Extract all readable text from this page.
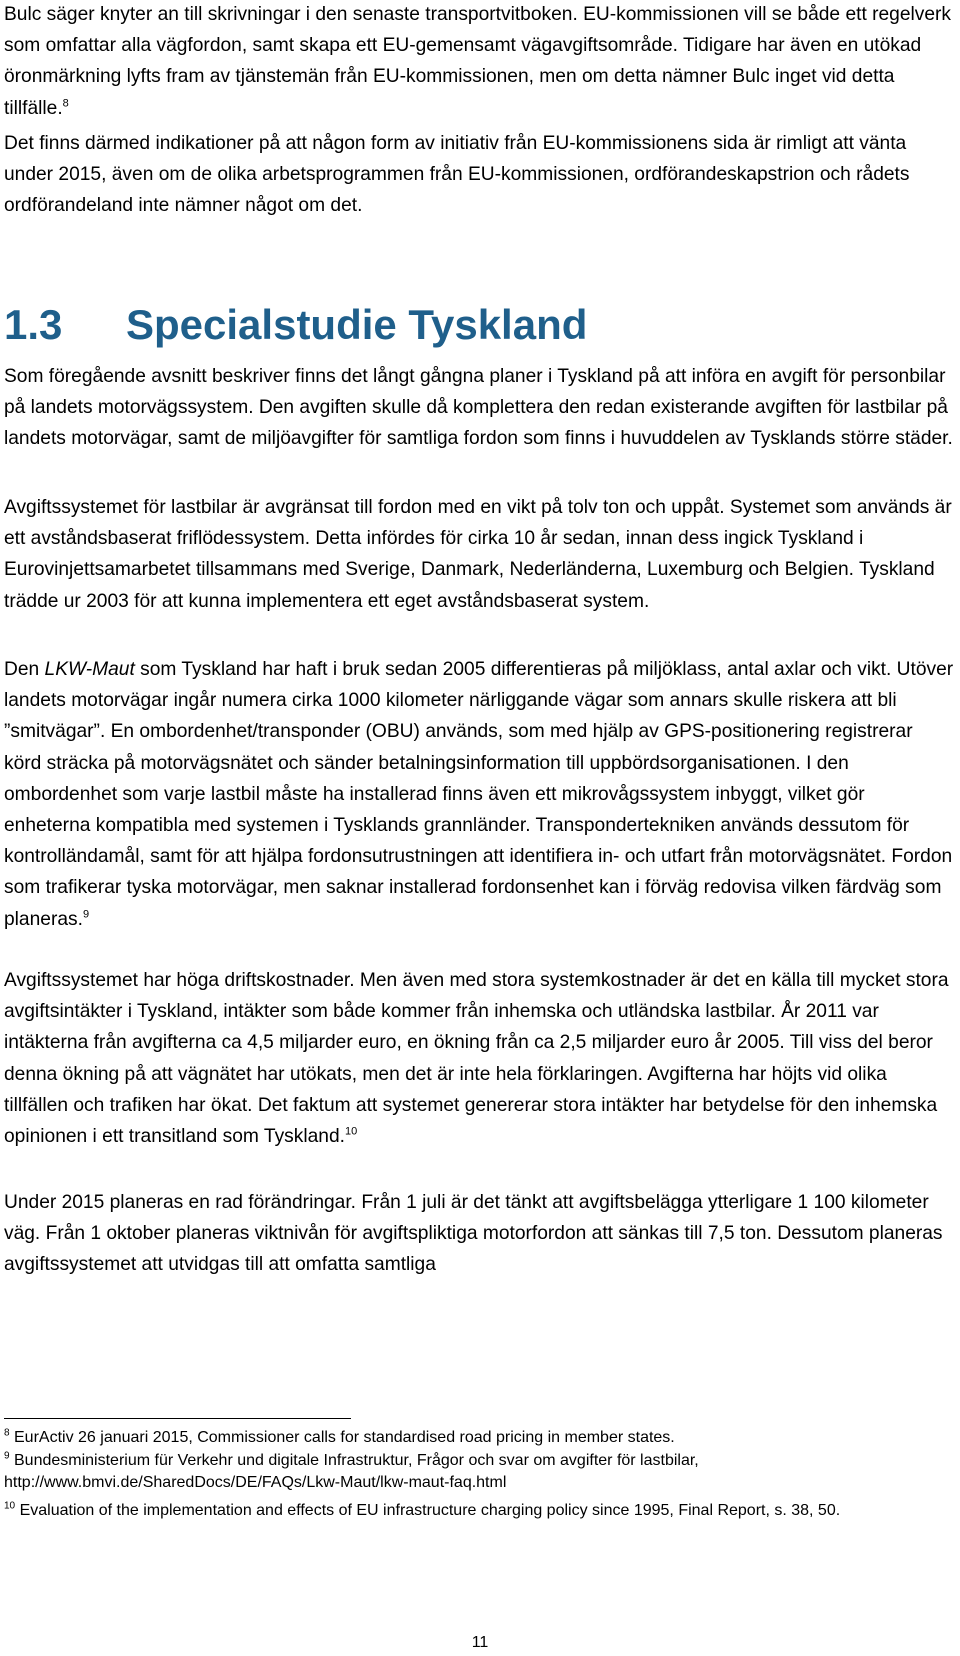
Bulc säger knyter an till skrivningar i den senaste transportvitboken. EU-kommissionen vill se både ett regelverk som omfattar alla vägfordon, samt skapa ett EU-gemensamt vägavgiftsområde. Tidigare har även en utökad öronmärkning lyfts fram av tjänstemän från EU-kommissionen, men om detta nämner Bulc inget vid detta tillfälle.$^8$

Det finns därmed indikationer på att någon form av initiativ från EU-kommissionens sida är rimligt att vänta under 2015, även om de olika arbetsprogrammen från EU-kommissionen, ordförandeskapstrion och rådets ordförandeland inte nämner något om det.

1.3 Specialstudie Tyskland

Som föregående avsnitt beskriver finns det långt gångna planer i Tyskland på att införa en avgift för personbilar på landets motorvägssystem. Den avgiften skulle då komplettera den redan existerande avgiften för lastbilar på landets motorvägar, samt de miljöavgifter för samtliga fordon som finns i huvuddelen av Tysklands större städer.

Avgiftssystemet för lastbilar är avgränsat till fordon med en vikt på tolv ton och uppåt. Systemet som används är ett avståndsbaserat friflödessystem. Detta infördes för cirka 10 år sedan, innan dess ingick Tyskland i Eurovinjettsamarbetet tillsammans med Sverige, Danmark, Nederländerna, Luxemburg och Belgien. Tyskland trädde ur 2003 för att kunna implementera ett eget avståndsbaserat system.

Den LKW-Maut som Tyskland har haft i bruk sedan 2005 differentieras på miljöklass, antal axlar och vikt. Utöver landets motorvägar ingår numera cirka 1000 kilometer närliggande vägar som annars skulle riskera att bli ”smitvägar”. En ombordenhet/transponder (OBU) används, som med hjälp av GPS-positionering registrerar körd sträcka på motorvägsnätet och sänder betalningsinformation till uppbördsorganisationen. I den ombordenhet som varje lastbil måste ha installerad finns även ett mikrovågssystem inbyggt, vilket gör enheterna kompatibla med systemen i Tysklands grannländer. Transpondertekniken används dessutom för kontrolländamål, samt för att hjälpa fordonsutrustningen att identifiera in- och utfart från motorvägsnätet. Fordon som trafikerar tyska motorvägar, men saknar installerad fordonsenhet kan i förväg redovisa vilken färdväg som planeras.$^9$

Avgiftssystemet har höga driftskostnader. Men även med stora systemkostnader är det en källa till mycket stora avgiftsintäkter i Tyskland, intäkter som både kommer från inhemska och utländska lastbilar. År 2011 var intäkterna från avgifterna ca 4,5 miljarder euro, en ökning från ca 2,5 miljarder euro år 2005. Till viss del beror denna ökning på att vägnätet har utökats, men det är inte hela förklaringen. Avgifterna har höjts vid olika tillfällen och trafiken har ökat. Det faktum att systemet genererar stora intäkter har betydelse för den inhemska opinionen i ett transitland som Tyskland.$^{10}$

Under 2015 planeras en rad förändringar. Från 1 juli är det tänkt att avgiftsbelägga ytterligare 1 100 kilometer väg. Från 1 oktober planeras viktnivån för avgiftspliktiga motorfordon att sänkas till 7,5 ton. Dessutom planeras avgiftssystemet att utvidgas till att omfatta samtliga

$^8$ EurActiv 26 januari 2015, Commissioner calls for standardised road pricing in member states.

$^9$ Bundesministerium für Verkehr und digitale Infrastruktur, Frågor och svar om avgifter för lastbilar, http://www.bmvi.de/SharedDocs/DE/FAQs/Lkw-Maut/lkw-maut-faq.html

$^{10}$ Evaluation of the implementation and effects of EU infrastructure charging policy since 1995, Final Report, s. 38, 50.

11
